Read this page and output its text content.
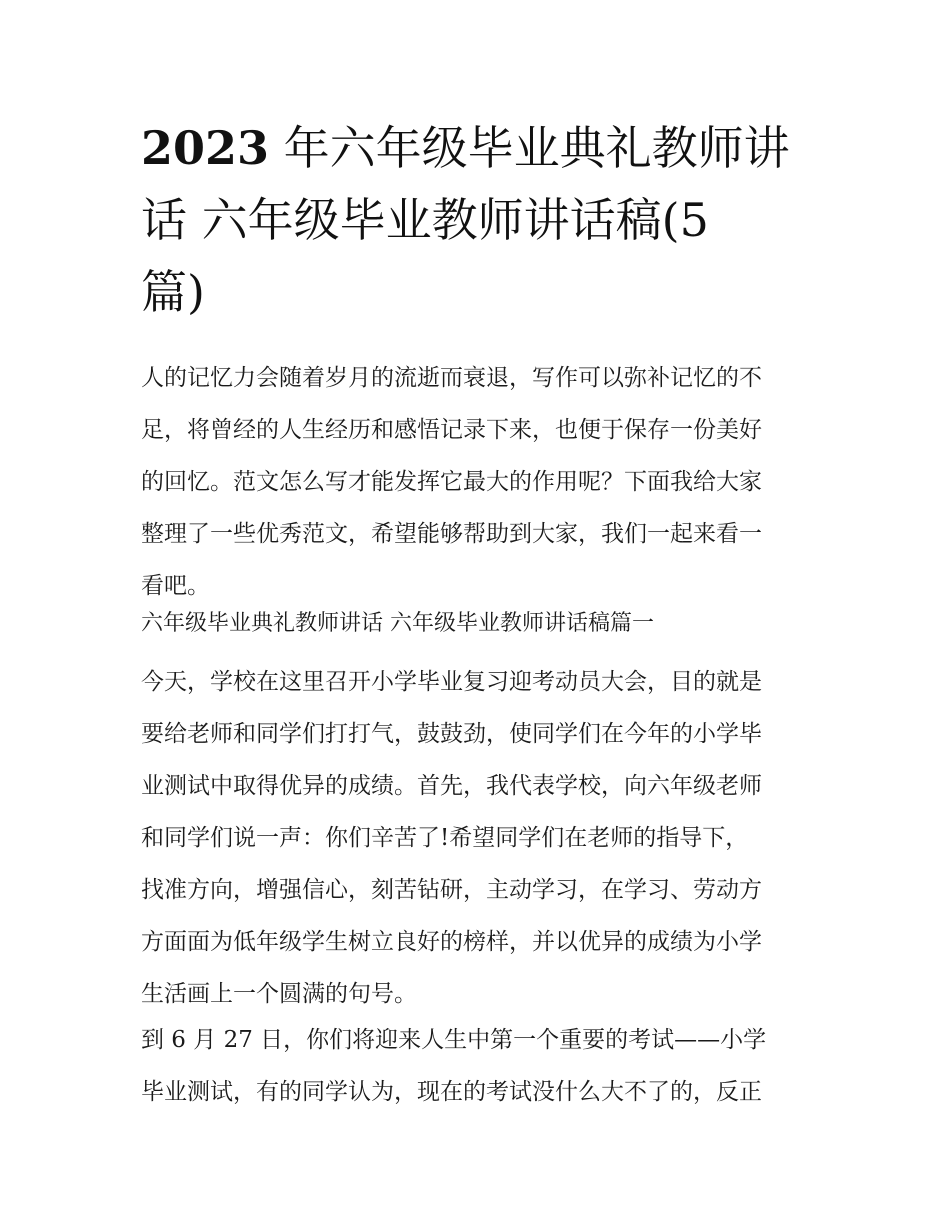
2023 年六年级毕业典礼教师讲
话 六年级毕业教师讲话稿(5
篇)
人的记忆力会随着岁月的流逝而衰退，写作可以弥补记忆的不
足，将曾经的人生经历和感悟记录下来，也便于保存一份美好
的回忆。范文怎么写才能发挥它最大的作用呢？下面我给大家
整理了一些优秀范文，希望能够帮助到大家，我们一起来看一
看吧。
六年级毕业典礼教师讲话 六年级毕业教师讲话稿篇一
今天，学校在这里召开小学毕业复习迎考动员大会，目的就是
要给老师和同学们打打气，鼓鼓劲，使同学们在今年的小学毕
业测试中取得优异的成绩。首先，我代表学校，向六年级老师
和同学们说一声：你们辛苦了!希望同学们在老师的指导下，
找准方向，增强信心，刻苦钻研，主动学习，在学习、劳动方
方面面为低年级学生树立良好的榜样，并以优异的成绩为小学
生活画上一个圆满的句号。
到 6 月 27 日，你们将迎来人生中第一个重要的考试——小学
毕业测试，有的同学认为，现在的考试没什么大不了的，反正
